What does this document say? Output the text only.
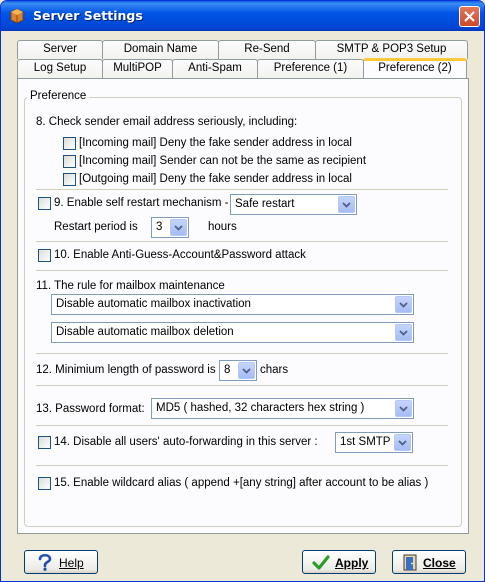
Server Settings
Server	Domain Name	Re-Send	SMTP & POP3 Setup
Log Setup	MultiPOP	Anti-Spam	Preference (1)	Preference (2)
Preference
8. Check sender email address seriously, including:
[Incoming mail] Deny the fake sender address in local
[Incoming mail] Sender can not be the same as recipient
[Outgoing mail] Deny the fake sender address in local
9. Enable self restart mechanism - Safe restart
Restart period is 3	hours
10. Enable Anti-Guess-Account&Password attack
11. The rule for mailbox maintenance
Disable automatic mailbox inactivation
Disable automatic mailbox deletion
12. Minimium length of password is 8	chars
13. Password format: MD5 ( hashed, 32 characters hex string )
14. Disable all users' auto-forwarding in this server : 1st SMTP
15. Enable wildcard alias ( append +[any string] after account to be alias )
Help	Apply	Close
